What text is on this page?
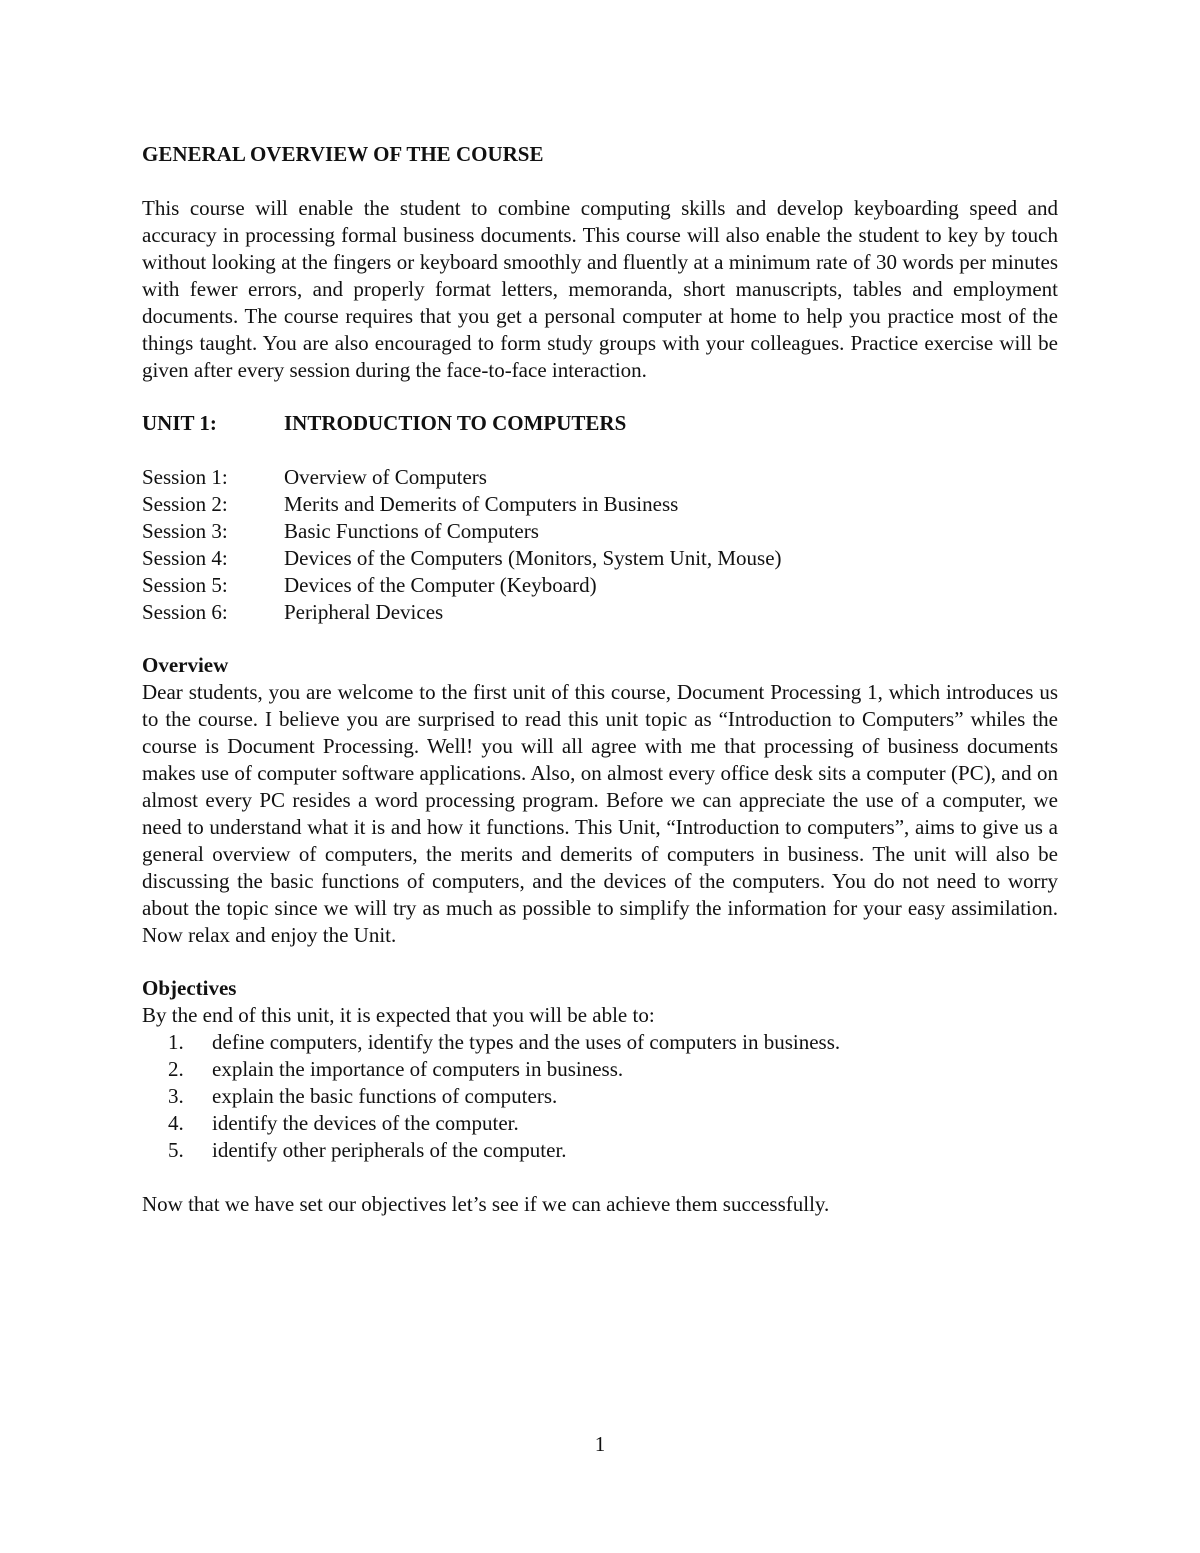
GENERAL OVERVIEW OF THE COURSE

This course will enable the student to combine computing skills and develop keyboarding speed and accuracy in processing formal business documents. This course will also enable the student to key by touch without looking at the fingers or keyboard smoothly and fluently at a minimum rate of 30 words per minutes with fewer errors, and properly format letters, memoranda, short manuscripts, tables and employment documents. The course requires that you get a personal computer at home to help you practice most of the things taught. You are also encouraged to form study groups with your colleagues. Practice exercise will be given after every session during the face-to-face interaction.

UNIT 1:	INTRODUCTION TO COMPUTERS
Session 1:	Overview of Computers
Session 2:	Merits and Demerits of Computers in Business
Session 3:	Basic Functions of Computers
Session 4:	Devices of the Computers (Monitors, System Unit, Mouse)
Session 5:	Devices of the Computer (Keyboard)
Session 6:	Peripheral Devices
Overview

Dear students, you are welcome to the first unit of this course, Document Processing 1, which introduces us to the course. I believe you are surprised to read this unit topic as “Introduction to Computers” whiles the course is Document Processing. Well! you will all agree with me that processing of business documents makes use of computer software applications. Also, on almost every office desk sits a computer (PC), and on almost every PC resides a word processing program. Before we can appreciate the use of a computer, we need to understand what it is and how it functions. This Unit, “Introduction to computers”, aims to give us a general overview of computers, the merits and demerits of computers in business. The unit will also be discussing the basic functions of computers, and the devices of the computers. You do not need to worry about the topic since we will try as much as possible to simplify the information for your easy assimilation. Now relax and enjoy the Unit.

Objectives

By the end of this unit, it is expected that you will be able to:

1.	define computers, identify the types and the uses of computers in business.
2.	explain the importance of computers in business.
3.	explain the basic functions of computers.
4.	identify the devices of the computer.
5.	identify other peripherals of the computer.

Now that we have set our objectives let’s see if we can achieve them successfully.

1
